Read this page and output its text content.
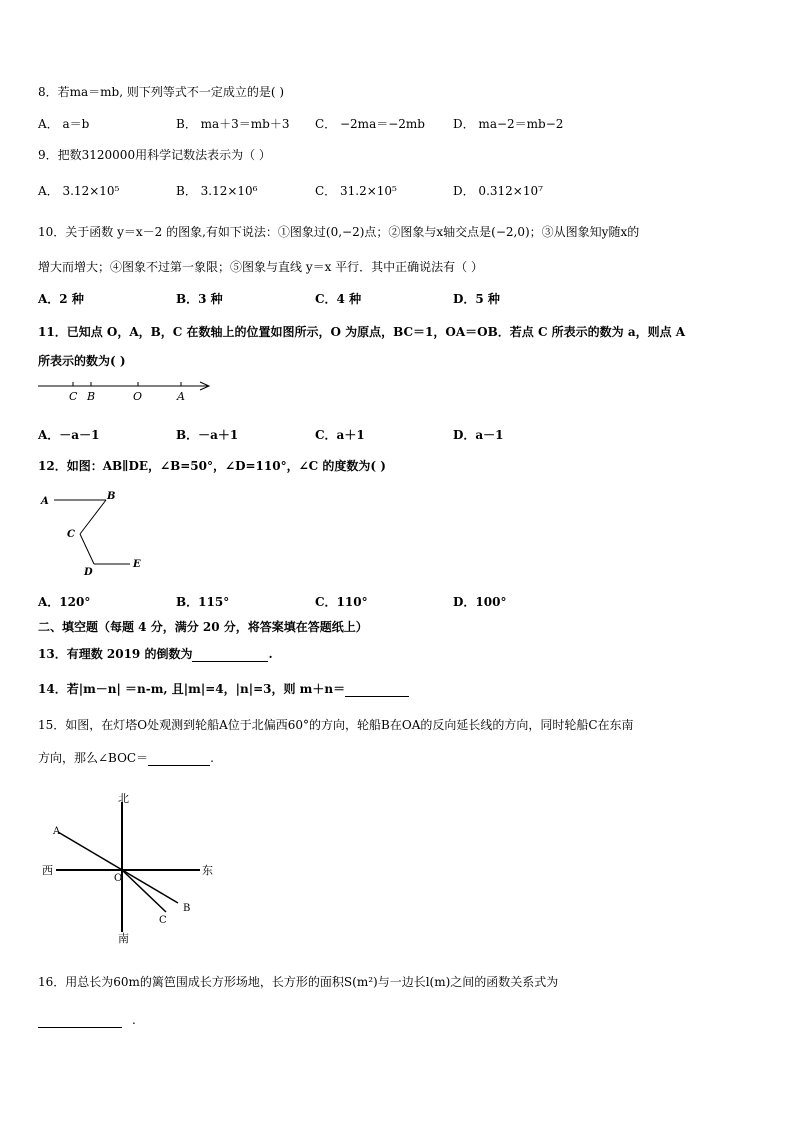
8．若ma＝mb, 则下列等式不一定成立的是( )
A． a＝b	B． ma＋3＝mb＋3 C． −2ma＝−2mb D． ma−2＝mb−2
9．把数3120000用科学记数法表示为（ ）
A． 3.12×10⁵	B． 3.12×10⁶	C． 31.2×10⁵	D． 0.312×10⁷
10．关于函数 y＝x－2 的图象,有如下说法：①图象过(0,−2)点；②图象与x轴交点是(−2,0)；③从图象知y随x的
增大而增大；④图象不过第一象限；⑤图象与直线 y＝x 平行．其中正确说法有（ ）
A．2 种	B．3 种	C．4 种	D．5 种
11．已知点 O，A，B，C 在数轴上的位置如图所示，O 为原点，BC＝1，OA＝OB．若点 C 所表示的数为 a，则点 A
所表示的数为( )
C B	O	A
A．－a－1	B．－a＋1	C．a＋1	D．a－1
12．如图：AB∥DE，∠B=50°，∠D=110°，∠C 的度数为( )
A	B
C
D
E
A．120°	B．115°	C．110°	D．100°
二、填空题（每题 4 分，满分 20 分，将答案填在答题纸上）
13．有理数 2019 的倒数为	.
14．若|m－n| ＝n-m, 且|m|=4，|n|=3，则 m＋n＝
15．如图，在灯塔O处观测到轮船A位于北偏西60°的方向，轮船B在OA的反向延长线的方向，同时轮船C在东南
方向，那么∠BOC＝	.
北
南
西	东
A
B
C
O
16．用总长为60m的篱笆围成长方形场地，长方形的面积S(m²)与一边长l(m)之间的函数关系式为
.
